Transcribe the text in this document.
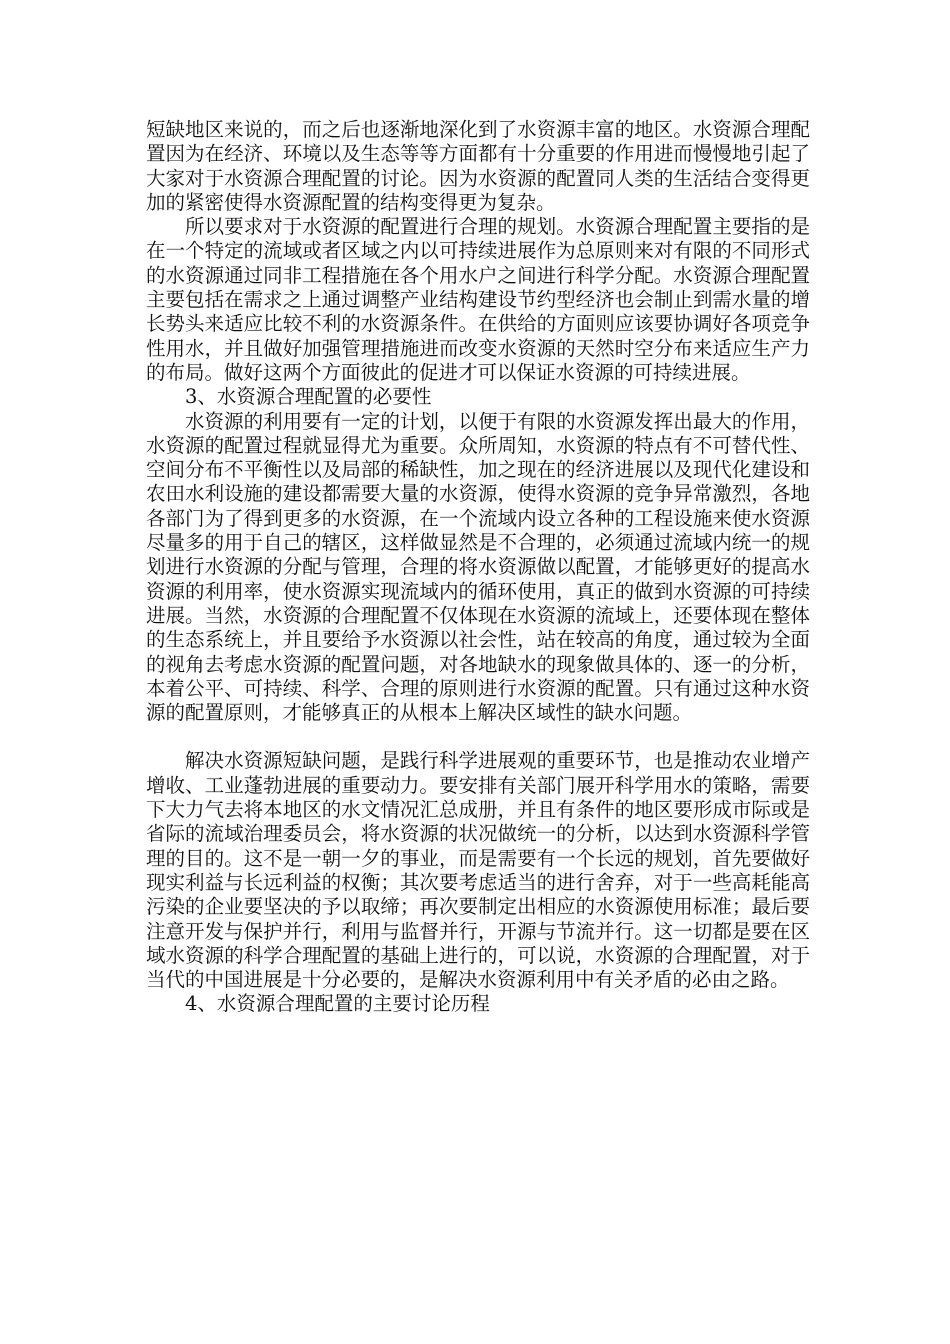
短缺地区来说的，而之后也逐渐地深化到了水资源丰富的地区。水资源合理配置因为在经济、环境以及生态等等方面都有十分重要的作用进而慢慢地引起了大家对于水资源合理配置的讨论。因为水资源的配置同人类的生活结合变得更加的紧密使得水资源配置的结构变得更为复杂。

所以要求对于水资源的配置进行合理的规划。水资源合理配置主要指的是在一个特定的流域或者区域之内以可持续进展作为总原则来对有限的不同形式的水资源通过同非工程措施在各个用水户之间进行科学分配。水资源合理配置主要包括在需求之上通过调整产业结构建设节约型经济也会制止到需水量的增长势头来适应比较不利的水资源条件。在供给的方面则应该要协调好各项竞争性用水，并且做好加强管理措施进而改变水资源的天然时空分布来适应生产力的布局。做好这两个方面彼此的促进才可以保证水资源的可持续进展。

3、水资源合理配置的必要性

水资源的利用要有一定的计划，以便于有限的水资源发挥出最大的作用，水资源的配置过程就显得尤为重要。众所周知，水资源的特点有不可替代性、空间分布不平衡性以及局部的稀缺性，加之现在的经济进展以及现代化建设和农田水利设施的建设都需要大量的水资源，使得水资源的竞争异常激烈，各地各部门为了得到更多的水资源，在一个流域内设立各种的工程设施来使水资源尽量多的用于自己的辖区，这样做显然是不合理的，必须通过流域内统一的规划进行水资源的分配与管理，合理的将水资源做以配置，才能够更好的提高水资源的利用率，使水资源实现流域内的循环使用，真正的做到水资源的可持续进展。当然，水资源的合理配置不仅体现在水资源的流域上，还要体现在整体的生态系统上，并且要给予水资源以社会性，站在较高的角度，通过较为全面的视角去考虑水资源的配置问题，对各地缺水的现象做具体的、逐一的分析，本着公平、可持续、科学、合理的原则进行水资源的配置。只有通过这种水资源的配置原则，才能够真正的从根本上解决区域性的缺水问题。

解决水资源短缺问题，是践行科学进展观的重要环节，也是推动农业增产增收、工业蓬勃进展的重要动力。要安排有关部门展开科学用水的策略，需要下大力气去将本地区的水文情况汇总成册，并且有条件的地区要形成市际或是省际的流域治理委员会，将水资源的状况做统一的分析，以达到水资源科学管理的目的。这不是一朝一夕的事业，而是需要有一个长远的规划，首先要做好现实利益与长远利益的权衡；其次要考虑适当的进行舍弃，对于一些高耗能高污染的企业要坚决的予以取缔；再次要制定出相应的水资源使用标准；最后要注意开发与保护并行，利用与监督并行，开源与节流并行。这一切都是要在区域水资源的科学合理配置的基础上进行的，可以说，水资源的合理配置，对于当代的中国进展是十分必要的，是解决水资源利用中有关矛盾的必由之路。

4、水资源合理配置的主要讨论历程
